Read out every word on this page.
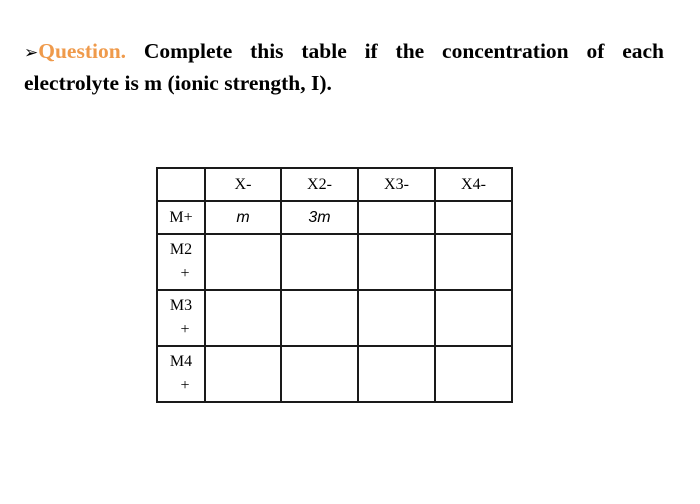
➢Question. Complete this table if the concentration of each electrolyte is m (ionic strength, I).
	X-	X2-	X3-	X4-

M+	m	3m		

M2
+				

M3
+				

M4
+				
